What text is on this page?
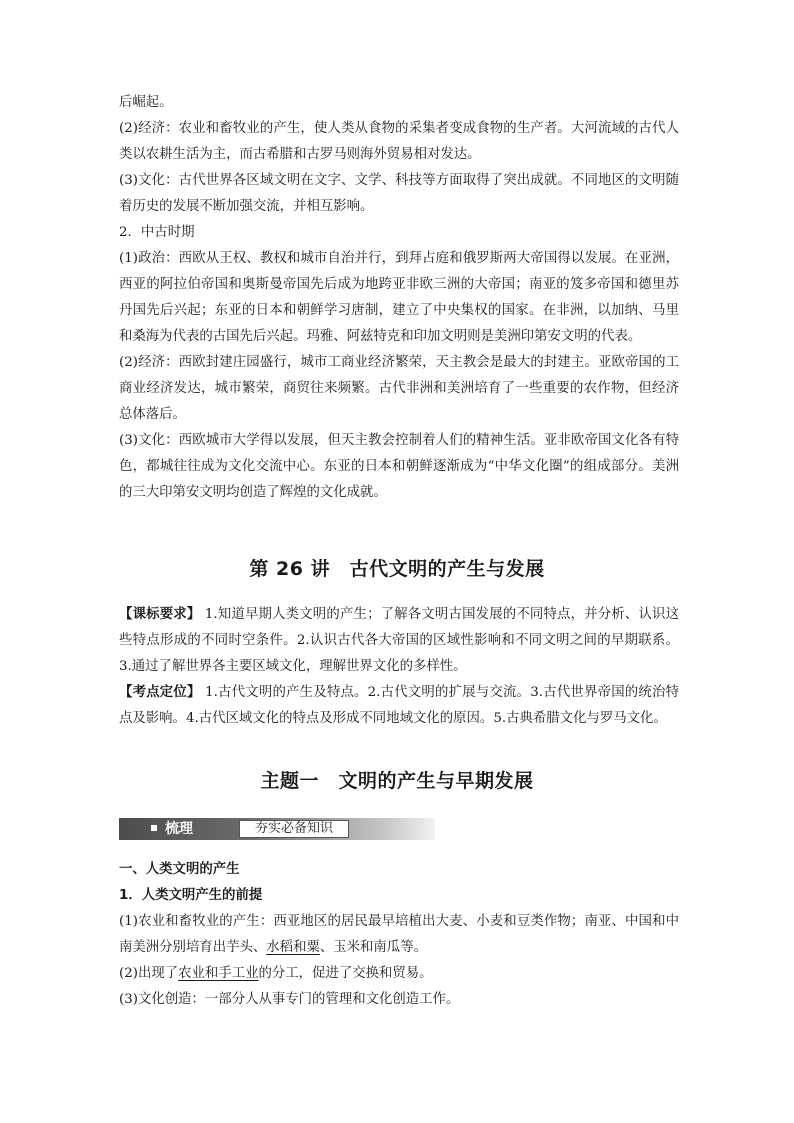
后崛起。

(2)经济：农业和畜牧业的产生，使人类从食物的采集者变成食物的生产者。大河流域的古代人类以农耕生活为主，而古希腊和古罗马则海外贸易相对发达。

(3)文化：古代世界各区域文明在文字、文学、科技等方面取得了突出成就。不同地区的文明随着历史的发展不断加强交流，并相互影响。

2．中古时期

(1)政治：西欧从王权、教权和城市自治并行，到拜占庭和俄罗斯两大帝国得以发展。在亚洲，西亚的阿拉伯帝国和奥斯曼帝国先后成为地跨亚非欧三洲的大帝国；南亚的笈多帝国和德里苏丹国先后兴起；东亚的日本和朝鲜学习唐制，建立了中央集权的国家。在非洲，以加纳、马里和桑海为代表的古国先后兴起。玛雅、阿兹特克和印加文明则是美洲印第安文明的代表。

(2)经济：西欧封建庄园盛行，城市工商业经济繁荣，天主教会是最大的封建主。亚欧帝国的工商业经济发达，城市繁荣，商贸往来频繁。古代非洲和美洲培育了一些重要的农作物，但经济总体落后。

(3)文化：西欧城市大学得以发展，但天主教会控制着人们的精神生活。亚非欧帝国文化各有特色，都城往往成为文化交流中心。东亚的日本和朝鲜逐渐成为“中华文化圈”的组成部分。美洲的三大印第安文明均创造了辉煌的文化成就。

第 26 讲　古代文明的产生与发展

【课标要求】 1.知道早期人类文明的产生；了解各文明古国发展的不同特点，并分析、认识这些特点形成的不同时空条件。2.认识古代各大帝国的区域性影响和不同文明之间的早期联系。3.通过了解世界各主要区域文化，理解世界文化的多样性。

【考点定位】 1.古代文明的产生及特点。2.古代文明的扩展与交流。3.古代世界帝国的统治特点及影响。4.古代区域文化的特点及形成不同地域文化的原因。5.古典希腊文化与罗马文化。

主题一　文明的产生与早期发展
梳理	夯实必备知识

一、人类文明的产生

1．人类文明产生的前提

(1)农业和畜牧业的产生：西亚地区的居民最早培植出大麦、小麦和豆类作物；南亚、中国和中南美洲分别培育出芋头、水稻和粟、玉米和南瓜等。

(2)出现了农业和手工业的分工，促进了交换和贸易。

(3)文化创造：一部分人从事专门的管理和文化创造工作。
